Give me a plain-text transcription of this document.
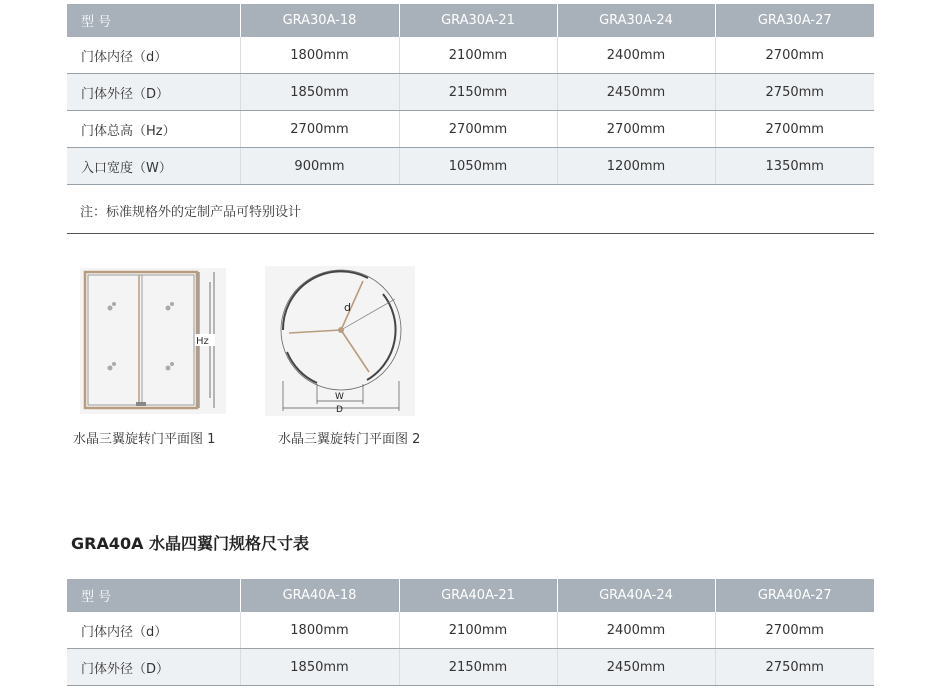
型 号	GRA30A-18	GRA30A-21	GRA30A-24	GRA30A-27
门体内径（d）	1800mm	2100mm	2400mm	2700mm
门体外径（D）	1850mm	2150mm	2450mm	2750mm
门体总高（Hz）	2700mm	2700mm	2700mm	2700mm
入口宽度（W）	900mm	1050mm	1200mm	1350mm
注：标准规格外的定制产品可特别设计
Hz
水晶三翼旋转门平面图 1
d
W
D
水晶三翼旋转门平面图 2
GRA40A 水晶四翼门规格尺寸表
型 号	GRA40A-18	GRA40A-21	GRA40A-24	GRA40A-27
门体内径（d）	1800mm	2100mm	2400mm	2700mm
门体外径（D）	1850mm	2150mm	2450mm	2750mm
